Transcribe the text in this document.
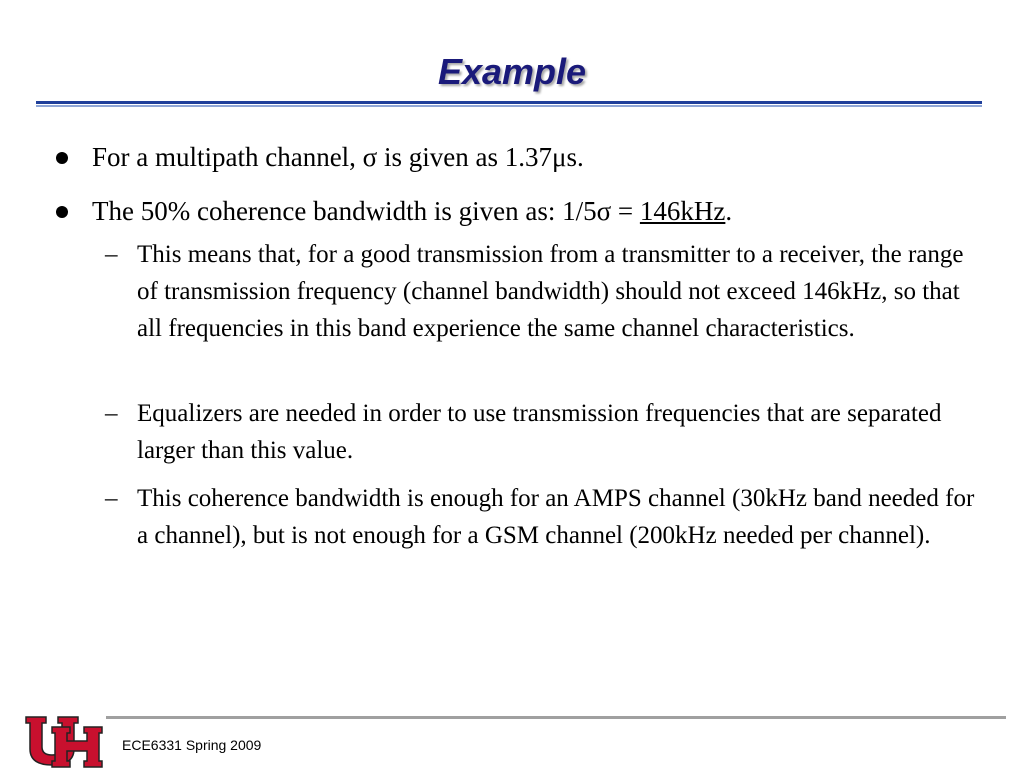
Example
For a multipath channel, σ is given as 1.37μs.
The 50% coherence bandwidth is given as: 1/5σ = 146kHz.
– This means that, for a good transmission from a transmitter to a receiver, the range of transmission frequency (channel bandwidth) should not exceed 146kHz, so that all frequencies in this band experience the same channel characteristics.
– Equalizers are needed in order to use transmission frequencies that are separated larger than this value.
– This coherence bandwidth is enough for an AMPS channel (30kHz band needed for a channel), but is not enough for a GSM channel (200kHz needed per channel).
ECE6331 Spring 2009
